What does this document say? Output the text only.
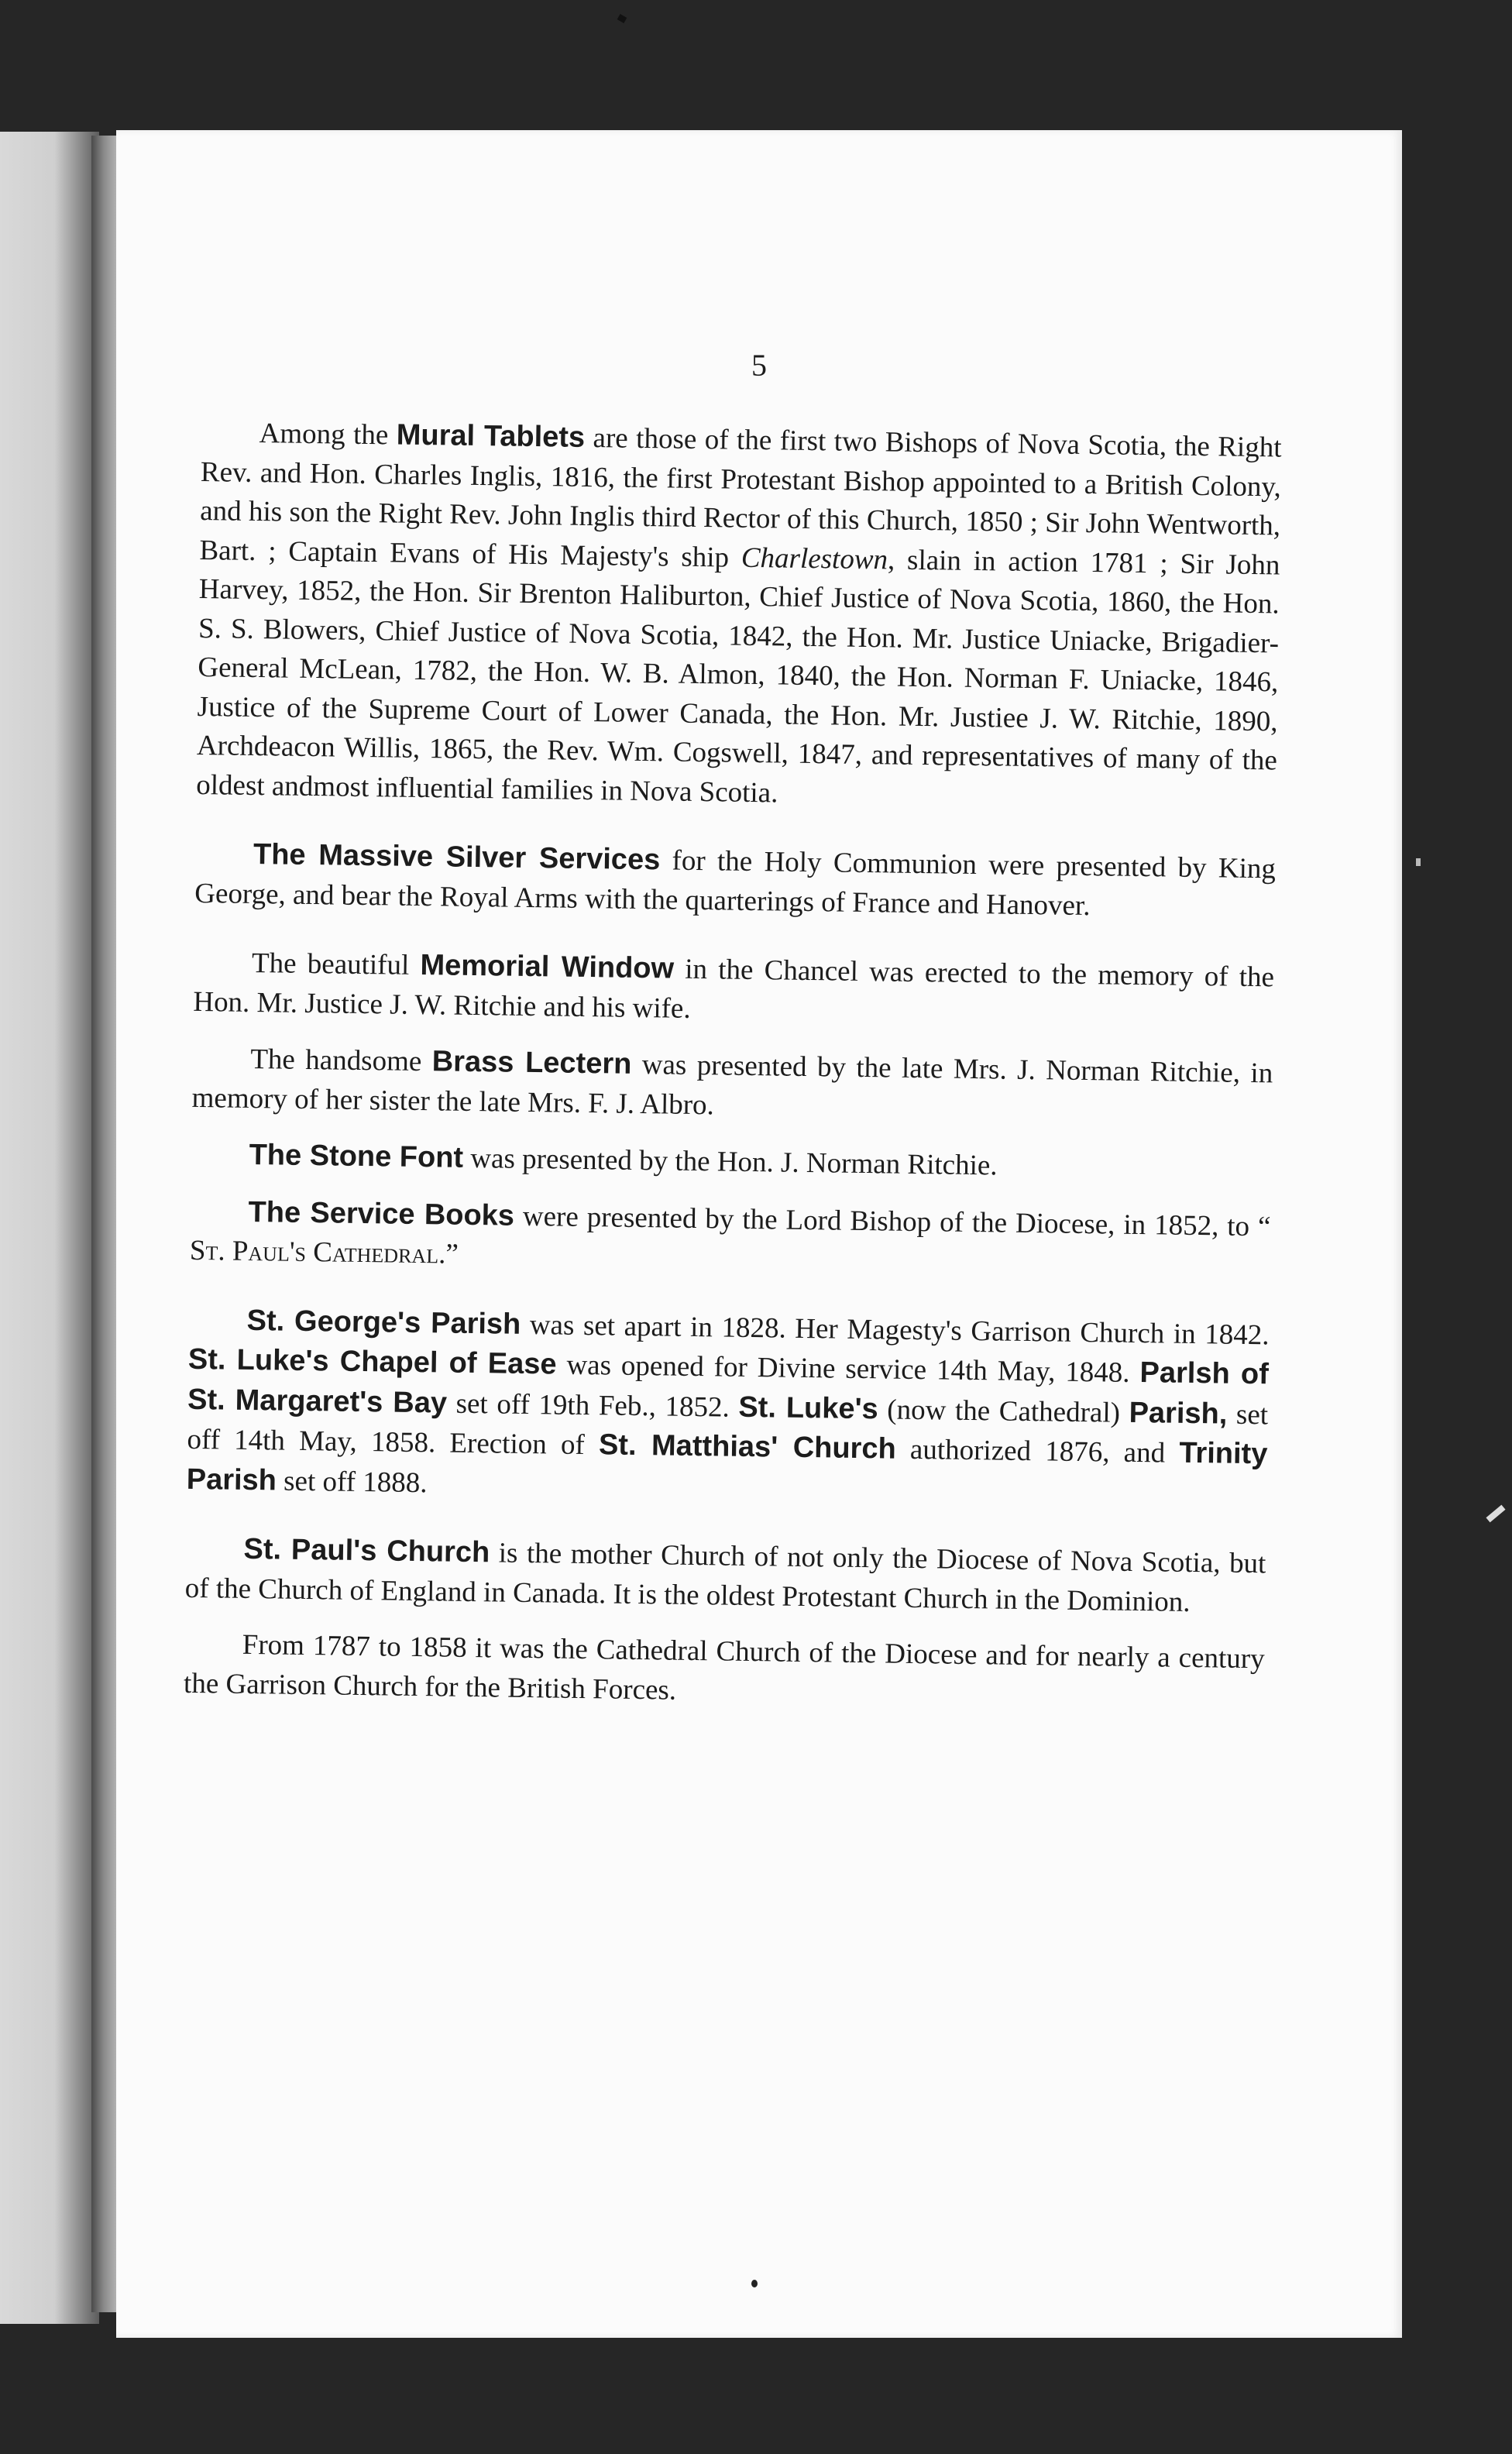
5

Among the Mural Tablets are those of the first two Bishops of Nova Scotia, the Right Rev. and Hon. Charles Inglis, 1816, the first Protestant Bishop appointed to a British Colony, and his son the Right Rev. John Inglis third Rector of this Church, 1850 ; Sir John Wentworth, Bart. ; Captain Evans of His Majesty's ship Charlestown, slain in action 1781 ; Sir John Harvey, 1852, the Hon. Sir Brenton Haliburton, Chief Justice of Nova Scotia, 1860, the Hon. S. S. Blowers, Chief Justice of Nova Scotia, 1842, the Hon. Mr. Justice Uniacke, Brigadier-General McLean, 1782, the Hon. W. B. Almon, 1840, the Hon. Norman F. Uniacke, 1846, Justice of the Supreme Court of Lower Canada, the Hon. Mr. Justiee J. W. Ritchie, 1890, Archdeacon Willis, 1865, the Rev. Wm. Cogswell, 1847, and representatives of many of the oldest andmost influential families in Nova Scotia.

The Massive Silver Services for the Holy Communion were presented by King George, and bear the Royal Arms with the quarterings of France and Hanover.

The beautiful Memorial Window in the Chancel was erected to the memory of the Hon. Mr. Justice J. W. Ritchie and his wife.

The handsome Brass Lectern was presented by the late Mrs. J. Norman Ritchie, in memory of her sister the late Mrs. F. J. Albro.

The Stone Font was presented by the Hon. J. Norman Ritchie.

The Service Books were presented by the Lord Bishop of the Diocese, in 1852, to “ St. Paul's Cathedral.”

St. George's Parish was set apart in 1828. Her Magesty's Garrison Church in 1842. St. Luke's Chapel of Ease was opened for Divine service 14th May, 1848. Parlsh of St. Margaret's Bay set off 19th Feb., 1852. St. Luke's (now the Cathedral) Parish, set off 14th May, 1858. Erection of St. Matthias' Church authorized 1876, and Trinity Parish set off 1888.

St. Paul's Church is the mother Church of not only the Diocese of Nova Scotia, but of the Church of England in Canada. It is the oldest Protestant Church in the Dominion.

From 1787 to 1858 it was the Cathedral Church of the Diocese and for nearly a century the Garrison Church for the British Forces.
